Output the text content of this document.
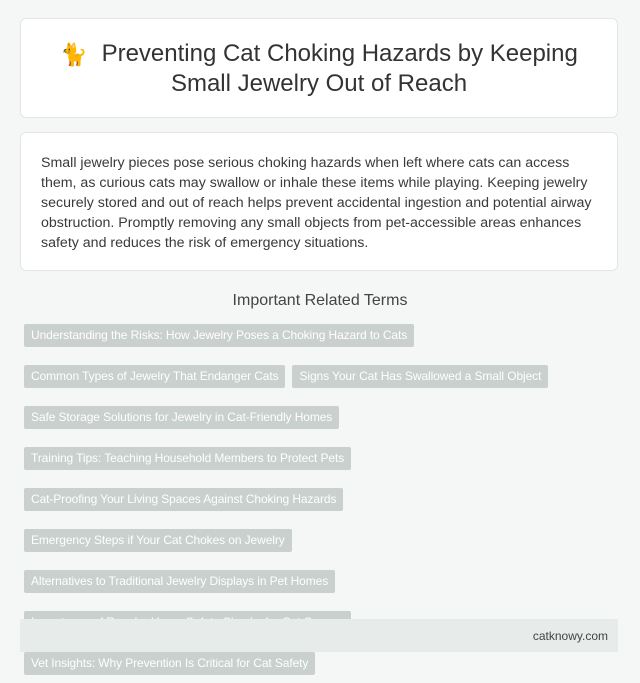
🐈 Preventing Cat Choking Hazards by Keeping Small Jewelry Out of Reach

Small jewelry pieces pose serious choking hazards when left where cats can access them, as curious cats may swallow or inhale these items while playing. Keeping jewelry securely stored and out of reach helps prevent accidental ingestion and potential airway obstruction. Promptly removing any small objects from pet-accessible areas enhances safety and reduces the risk of emergency situations.

Important Related Terms
Understanding the Risks: How Jewelry Poses a Choking Hazard to Cats
Common Types of Jewelry That Endanger Cats	Signs Your Cat Has Swallowed a Small Object
Safe Storage Solutions for Jewelry in Cat-Friendly Homes
Training Tips: Teaching Household Members to Protect Pets
Cat-Proofing Your Living Spaces Against Choking Hazards
Emergency Steps if Your Cat Chokes on Jewelry
Alternatives to Traditional Jewelry Displays in Pet Homes
Vet Insights: Why Prevention Is Critical for Cat Safety
catknowy.com
